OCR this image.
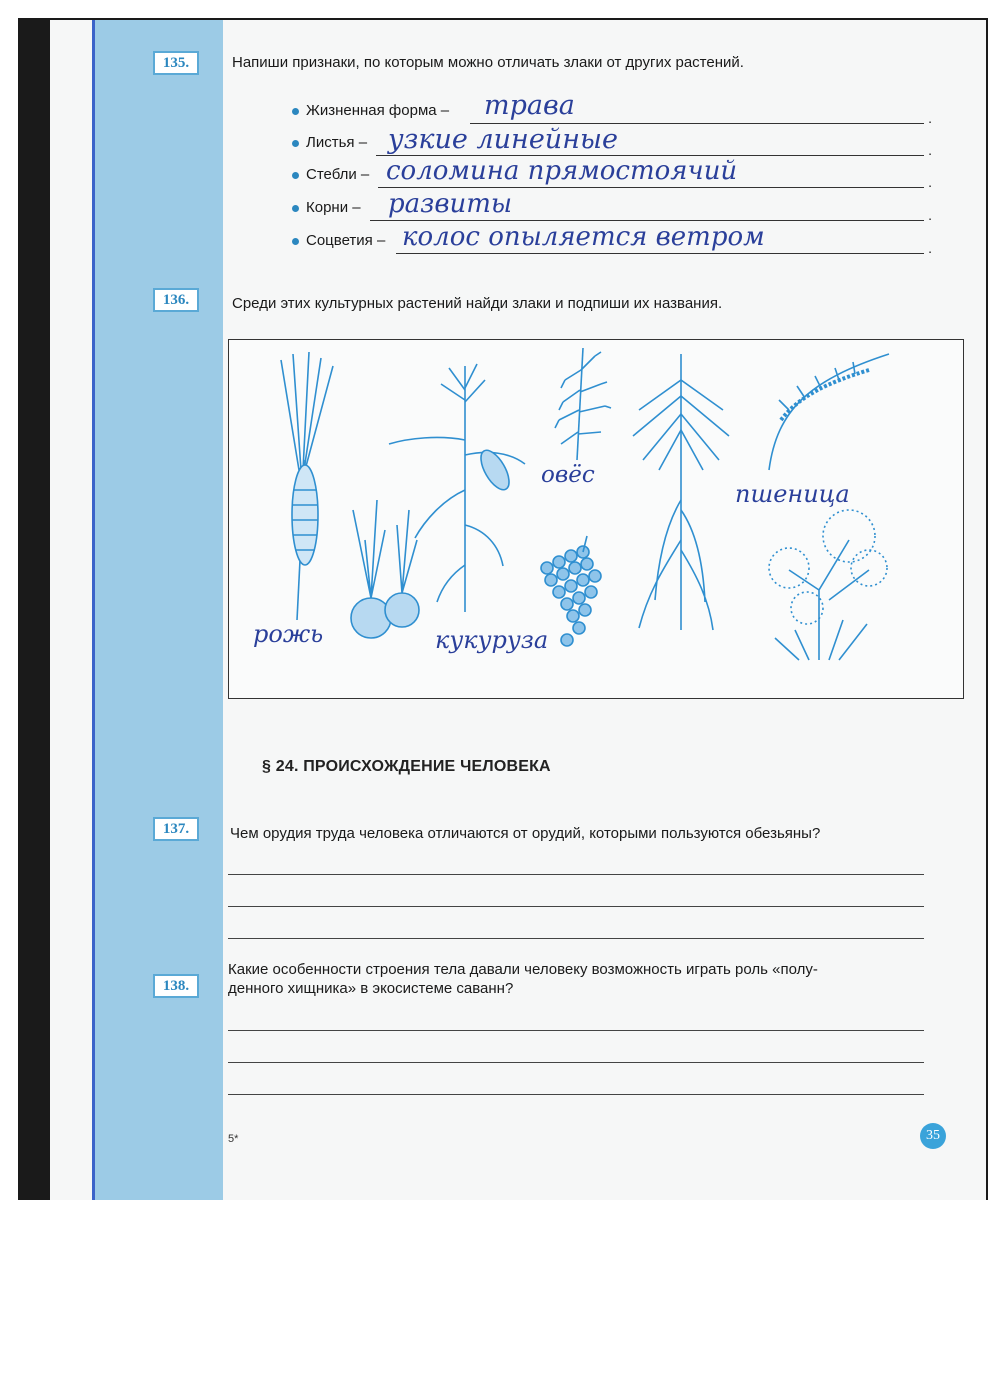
135.	Напиши признаки, по которым можно отличать злаки от других растений.
Жизненная форма –	.
трава
Листья –	.
узкие линейные
Стебли –	.
соломина прямостоячий
Корни –	.
развиты
Соцветия –	.
колос опыляется ветром
136.	Среди этих культурных растений найди злаки и подпиши их названия.
рожь	кукуруза
овёс
пшеница
§ 24. ПРОИСХОЖДЕНИЕ ЧЕЛОВЕКА
137.	Чем орудия труда человека отличаются от орудий, которыми пользуются обезьяны?
138.
Какие особенности строения тела давали человеку возможность играть роль «полу-
денного хищника» в экосистеме саванн?
5*	35
